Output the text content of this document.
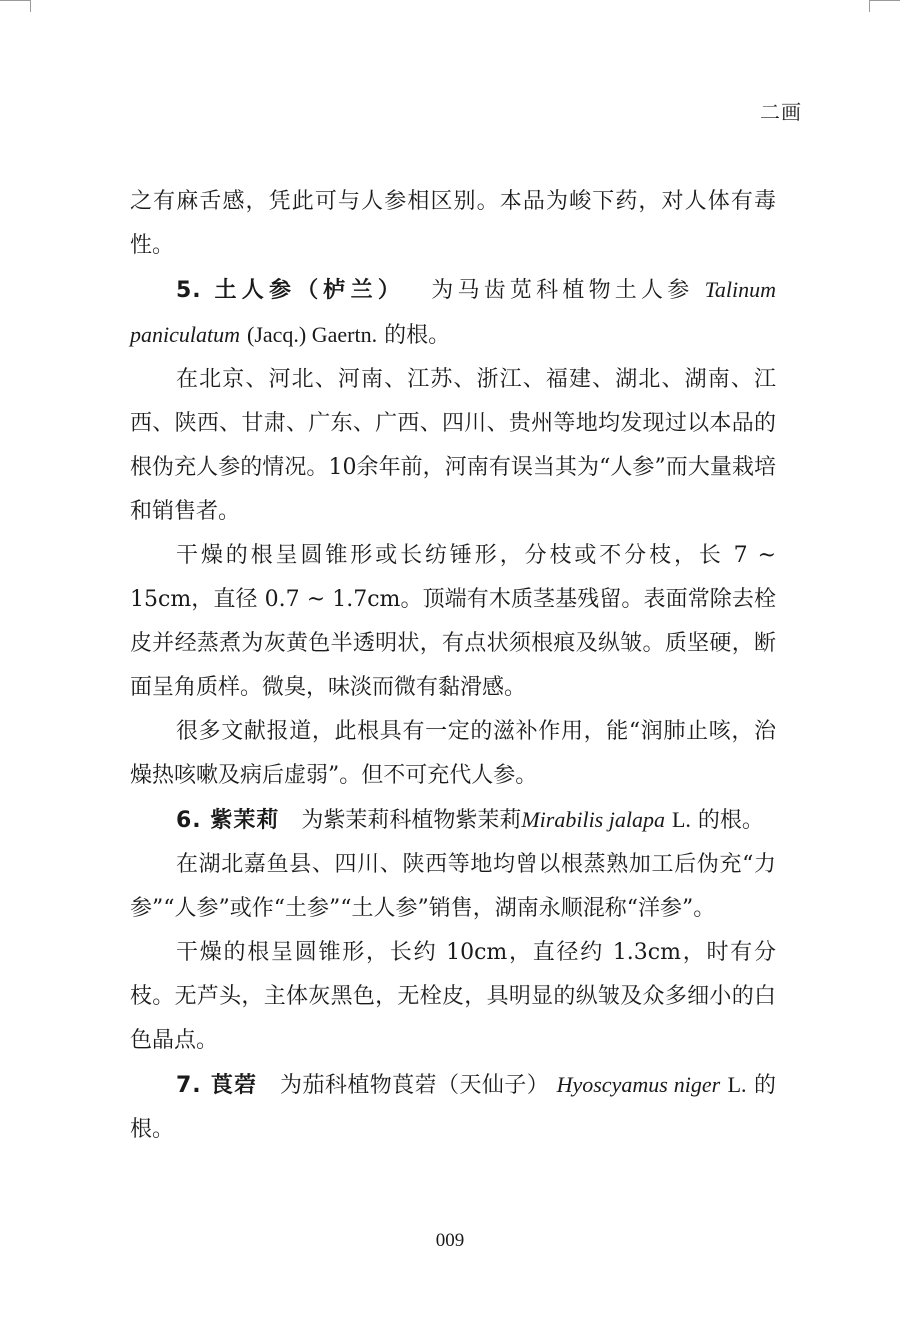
二画

之有麻舌感，凭此可与人参相区别。本品为峻下药，对人体有毒性。

5. 土人参（栌兰） 为马齿苋科植物土人参 Talinum paniculatum (Jacq.) Gaertn. 的根。

在北京、河北、河南、江苏、浙江、福建、湖北、湖南、江西、陕西、甘肃、广东、广西、四川、贵州等地均发现过以本品的根伪充人参的情况。10余年前，河南有误当其为“人参”而大量栽培和销售者。

干燥的根呈圆锥形或长纺锤形，分枝或不分枝，长 7 ~ 15cm，直径 0.7 ~ 1.7cm。顶端有木质茎基残留。表面常除去栓皮并经蒸煮为灰黄色半透明状，有点状须根痕及纵皱。质坚硬，断面呈角质样。微臭，味淡而微有黏滑感。

很多文献报道，此根具有一定的滋补作用，能“润肺止咳，治燥热咳嗽及病后虚弱”。但不可充代人参。

6. 紫茉莉 为紫茉莉科植物紫茉莉Mirabilis jalapa L. 的根。

在湖北嘉鱼县、四川、陕西等地均曾以根蒸熟加工后伪充“力参”“人参”或作“土参”“土人参”销售，湖南永顺混称“洋参”。

干燥的根呈圆锥形，长约 10cm，直径约 1.3cm，时有分枝。无芦头，主体灰黑色，无栓皮，具明显的纵皱及众多细小的白色晶点。

7. 莨菪 为茄科植物莨菪（天仙子） Hyoscyamus niger L. 的根。

009
